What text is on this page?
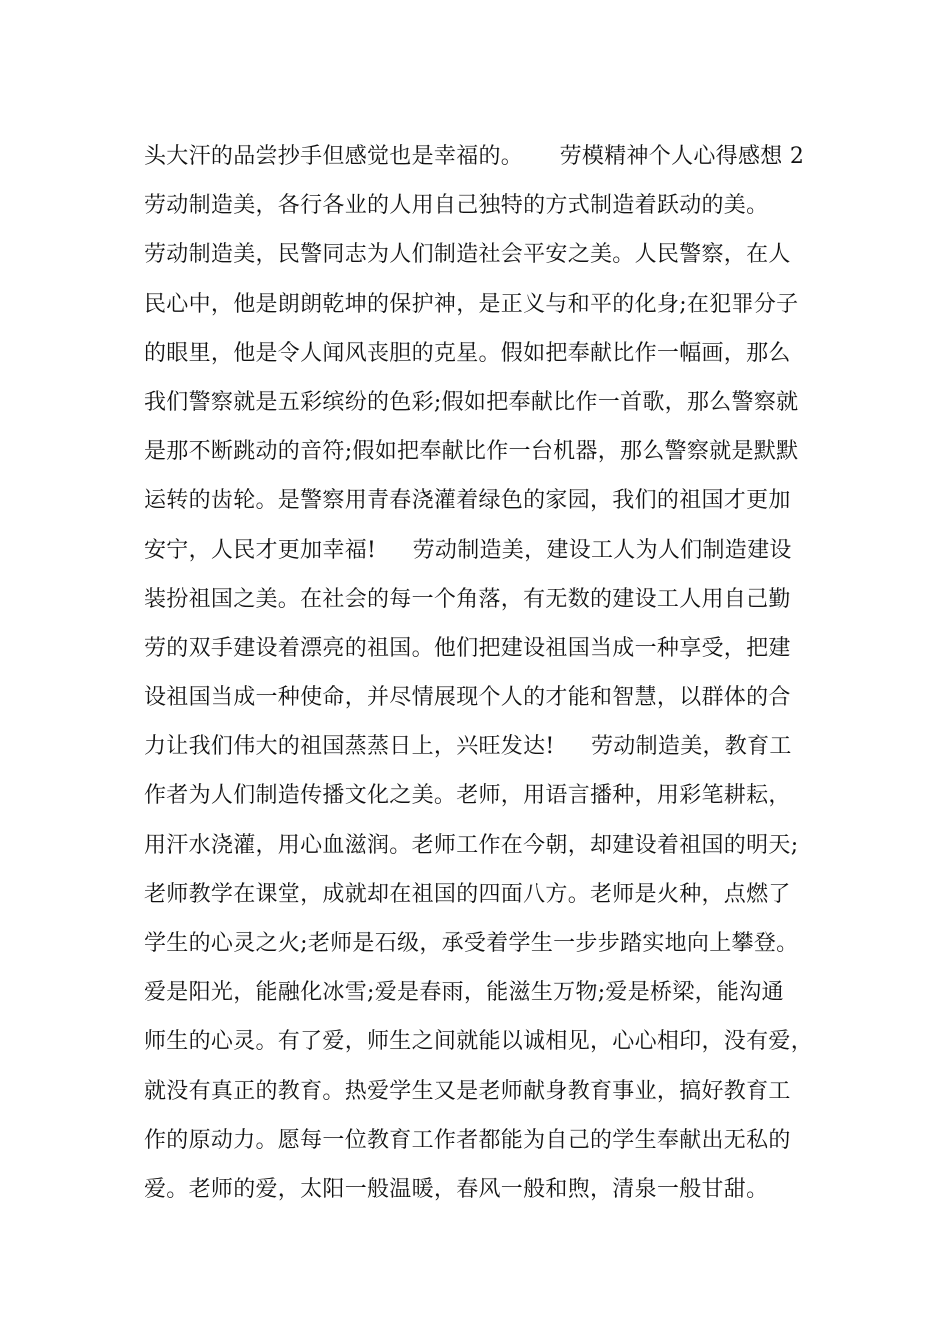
头大汗的品尝抄手但感觉也是幸福的。     劳模精神个人心得感想 2
劳动制造美，各行各业的人用自己独特的方式制造着跃动的美。
劳动制造美，民警同志为人们制造社会平安之美。人民警察，在人
民心中，他是朗朗乾坤的保护神，是正义与和平的化身;在犯罪分子
的眼里，他是令人闻风丧胆的克星。假如把奉献比作一幅画，那么
我们警察就是五彩缤纷的色彩;假如把奉献比作一首歌，那么警察就
是那不断跳动的音符;假如把奉献比作一台机器，那么警察就是默默
运转的齿轮。是警察用青春浇灌着绿色的家园，我们的祖国才更加
安宁，人民才更加幸福!     劳动制造美，建设工人为人们制造建设
装扮祖国之美。在社会的每一个角落，有无数的建设工人用自己勤
劳的双手建设着漂亮的祖国。他们把建设祖国当成一种享受，把建
设祖国当成一种使命，并尽情展现个人的才能和智慧，以群体的合
力让我们伟大的祖国蒸蒸日上，兴旺发达!     劳动制造美，教育工
作者为人们制造传播文化之美。老师，用语言播种，用彩笔耕耘，
用汗水浇灌，用心血滋润。老师工作在今朝，却建设着祖国的明天;
老师教学在课堂，成就却在祖国的四面八方。老师是火种，点燃了
学生的心灵之火;老师是石级，承受着学生一步步踏实地向上攀登。
爱是阳光，能融化冰雪;爱是春雨，能滋生万物;爱是桥梁，能沟通
师生的心灵。有了爱，师生之间就能以诚相见，心心相印，没有爱，
就没有真正的教育。热爱学生又是老师献身教育事业，搞好教育工
作的原动力。愿每一位教育工作者都能为自己的学生奉献出无私的
爱。老师的爱，太阳一般温暖，春风一般和煦，清泉一般甘甜。
